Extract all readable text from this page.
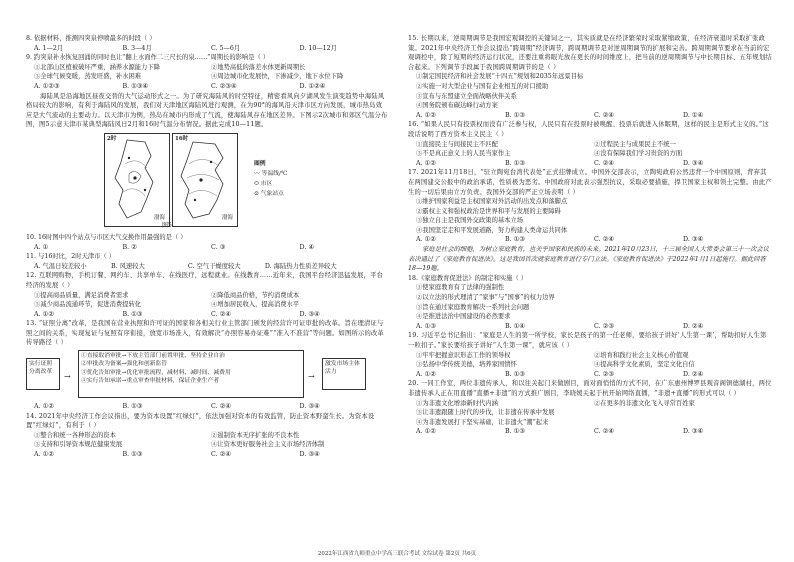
8. 依据材料，推测四突泉停喷最多的时段（ ）
A. 1—2月	B. 3—4月	C. 5—6月	D. 10—12月
9. 趵突泉补水恢复回涌的同时也让“翻上水面作二三尺长的泉……”周期长的影响是（ ）
①北部山区植被破坏严重，涵养水源能力下降	②地势高低的落差水体更新周期长
③全球气候变暖，蒸发旺盛，补水困难	④周边城市化发展快，下渗减少，地下水位下降
A. ①②③	B. ①③④	C. ②③④	D. ①②④
海陆风是沿海地区昼夜交替的大气运动形式之一。为了研究海陆风的时空特征，精密看风向夕湖风发生演变趋势中海陆风格局较大的影响，有利于海陆风的发展，我们对天津地区海陆风进行观测，在为90°的海风沿天津市区方向发展，城市热岛效应是大气流动的主要动力。以天津市为例，热岛在城市内形成了气流，使海陆风存在地区差异。下图示2次城市和郊区气温分布图，图5示意天津市某典型海陆风日2月和16时气温分布情况。据此完成10—11题。
2时
渤海
16时
渤海
图例
〰 等温线/℃
⬭ 市区
⊙ 气象站点
图5
10. 16时图中四个站点与市区大气交换作用最强的是（ ）
A. ①	B. ②	C. ③	D. ④
11. 与16时比，2时天津市（ ）
A. 气温日较差较小	B. 风速较大	C. 空气干燥度较大	D. 海陆热力性质差异较大
12. 互联网购物，手机订餐、网约车、共享单车、在线医疗，远程就业。在线教育……近年来，我国平台经济迅猛发展，平台经济的发展（ ）
①提高商品质量，满足消费者需求	②降低商品价格，节约消费成本
③减少商品流通环节，促进消费提转化	④增加居民收入，提高消费水平
A. ①②	B. ①③	C. ②④	D. ③④
13. “证照分离”改革，是我国在营业执照和许可证的国家和各相关行业主管部门颁发的经营许可证审批的改革。旨在理清证与照之间的关系，实现复证与复照有序衔接，放宽市场准入，有效解决“办照容易办证难”“准入不准营”等问题。如图所示的改革传导路径（ ）
实行证照分离改革	→
①直接取消审批→下放主管部门前置审批，坚持企业自治
②审批改为备案→强化和创新监管
③优化告知审批→优化审批流程，减材料、减时间、减费用
④实行告知承诺→重点审查审批材料，保证企业生产者	→
激发市场主体活力
A. ①②	B. ①③	C. ②④	D. ③④
14. 2021年中央经济工作会议指出，要为资本设置“红绿灯”，依法加强对资本的有效监管，防止资本野蛮生长。为资本设置“红绿灯”，有利于（ ）
①整合和统一各种形态的资本	②遏制资本无序扩张的不良本性
③支持和引导资本规范健康发展	④让资本更好服务社会主义市场经济体制
A. ①②	B. ①③	C. ②④	D. ③④
15. 长期以来，逆周期调节是我国宏观调控的关键词之一，其实质就是在经济繁荣时采取紧缩政策，在经济衰退时采取扩张政策。2021年中央经济工作会议提出“跨周期”经济调节，跨周期调节是对逆周期调节的扩展和完善。跨周期调节要求在当前的宏观调控中，除了短期的经济运行状况，还要注重将眼光放在更长的时间维度上，把当前的逆周期调节与中长期目标、五年规划结合起来。下列调节手段属于我国跨周期调节的是（ ）
①制定国民经济和社会发展“十四五”规划和2035年远景目标
②实施一对大型企业与国有企业相互的对口援助
③宣布与东盟建立全面战略伙伴关系
④国务院颁布碳达峰行动方案
A. ①②	B. ①③	C. ②④	D. ①④
16. “如果人民只有投票权而没有广泛参与权，人民只有在投票时被唤醒、投票后就进入休眠期，这样的民主是形式主义的。”这段话说明了西方资本主义民主（ ）
①直接民主与间接民主不匹配	②过程民主与成果民主不统一
③不是真正意义上的人民当家作主	④没有保障我们学习贵资的方面
A. ①②	B. ①③	C. ②④	D. ③④
17. 2021年11月18日，“驻立陶宛台湾代表处”正式挂牌成立。中国外交部表示，立陶宛政府公然违背一个中国原则，背弃其在两国建交公报中的政治承诺，性质极为恶劣。中国政府对此表示强烈抗议，采取必要措施，捍卫国家主权和领土完整。由此产生的一切后果由立方负责。我国外交部的严正立场表明（ ）
①维护国家利益是主权国家对外活动的出发点和落脚点
②霸权主义和强权政治是世界和平与发展的主要障碍
③独立自主是我国外交政策的基本立场
④我国坚定走和平发展道路，努力构建人类命运共同体
A. ①②	B. ①③	C. ②④	D. ③④
家庭是社会的细胞，为树立家庭教育，也关乎国家和民族的未来。2021年10月23日，十三届全国人大常委会第三十一次会议表决通过了《家庭教育促进法》。这是我国首次就家庭教育进行专门立法。《家庭教育促进法》于2022年1月1日起施行。据此回答18—19题。
18.《家庭教育促进法》的制定和实施（ ）
①使家庭教育有了法律的强制性
②以立法的形式理清了“家事”与“国事”的权力边界
③旨在通过家庭教育解决一系列社会问题
④是推进法治中国建设的必然要求
A. ①③	B. ①④	C. ②③	D. ②④
19. 习近平总书记指出：“家庭是人生的第一所学校，家长是孩子的第一任老师，要给孩子讲好‘人生第一课’，帮助扣好人生第一粒扣子。”家长要给孩子讲好“人生第一课”，就应该（ ）
①牢牢把握意识形态工作的领导权	②培育和践行社会主义核心价值观
③弘扬中华传统美德，培养家国情怀	④提高科学文化素质，坚定文化自信
A. ①②	B. ①③	C. ②③	D. ②④
20. 一同工作室，两位非遗传承人，和以往关起门来做剧目，面对面悄悄的方式不同，在广东惠州博罗县观音阁镇德湖村，两位非遗传承人正在用直播“直播+非遗”的方式推广剧目，李晓媛关起于杭开始网络直播，“非遗+直播”的形式可以（ ）
①为非遗文化增添新时代内涵	②在更多的非遗文化飞入寻常百姓家
③让非遗跟随上时代的步伐，让非遗在传承中发展
④为非遗发展打下坚实基础，让非遗火“潮”起来
A. ①②	B. ①③	C. ②④	D. ③④
2022年江西省九师重点中学高三联合考试 文综试卷 第2页 共6页
